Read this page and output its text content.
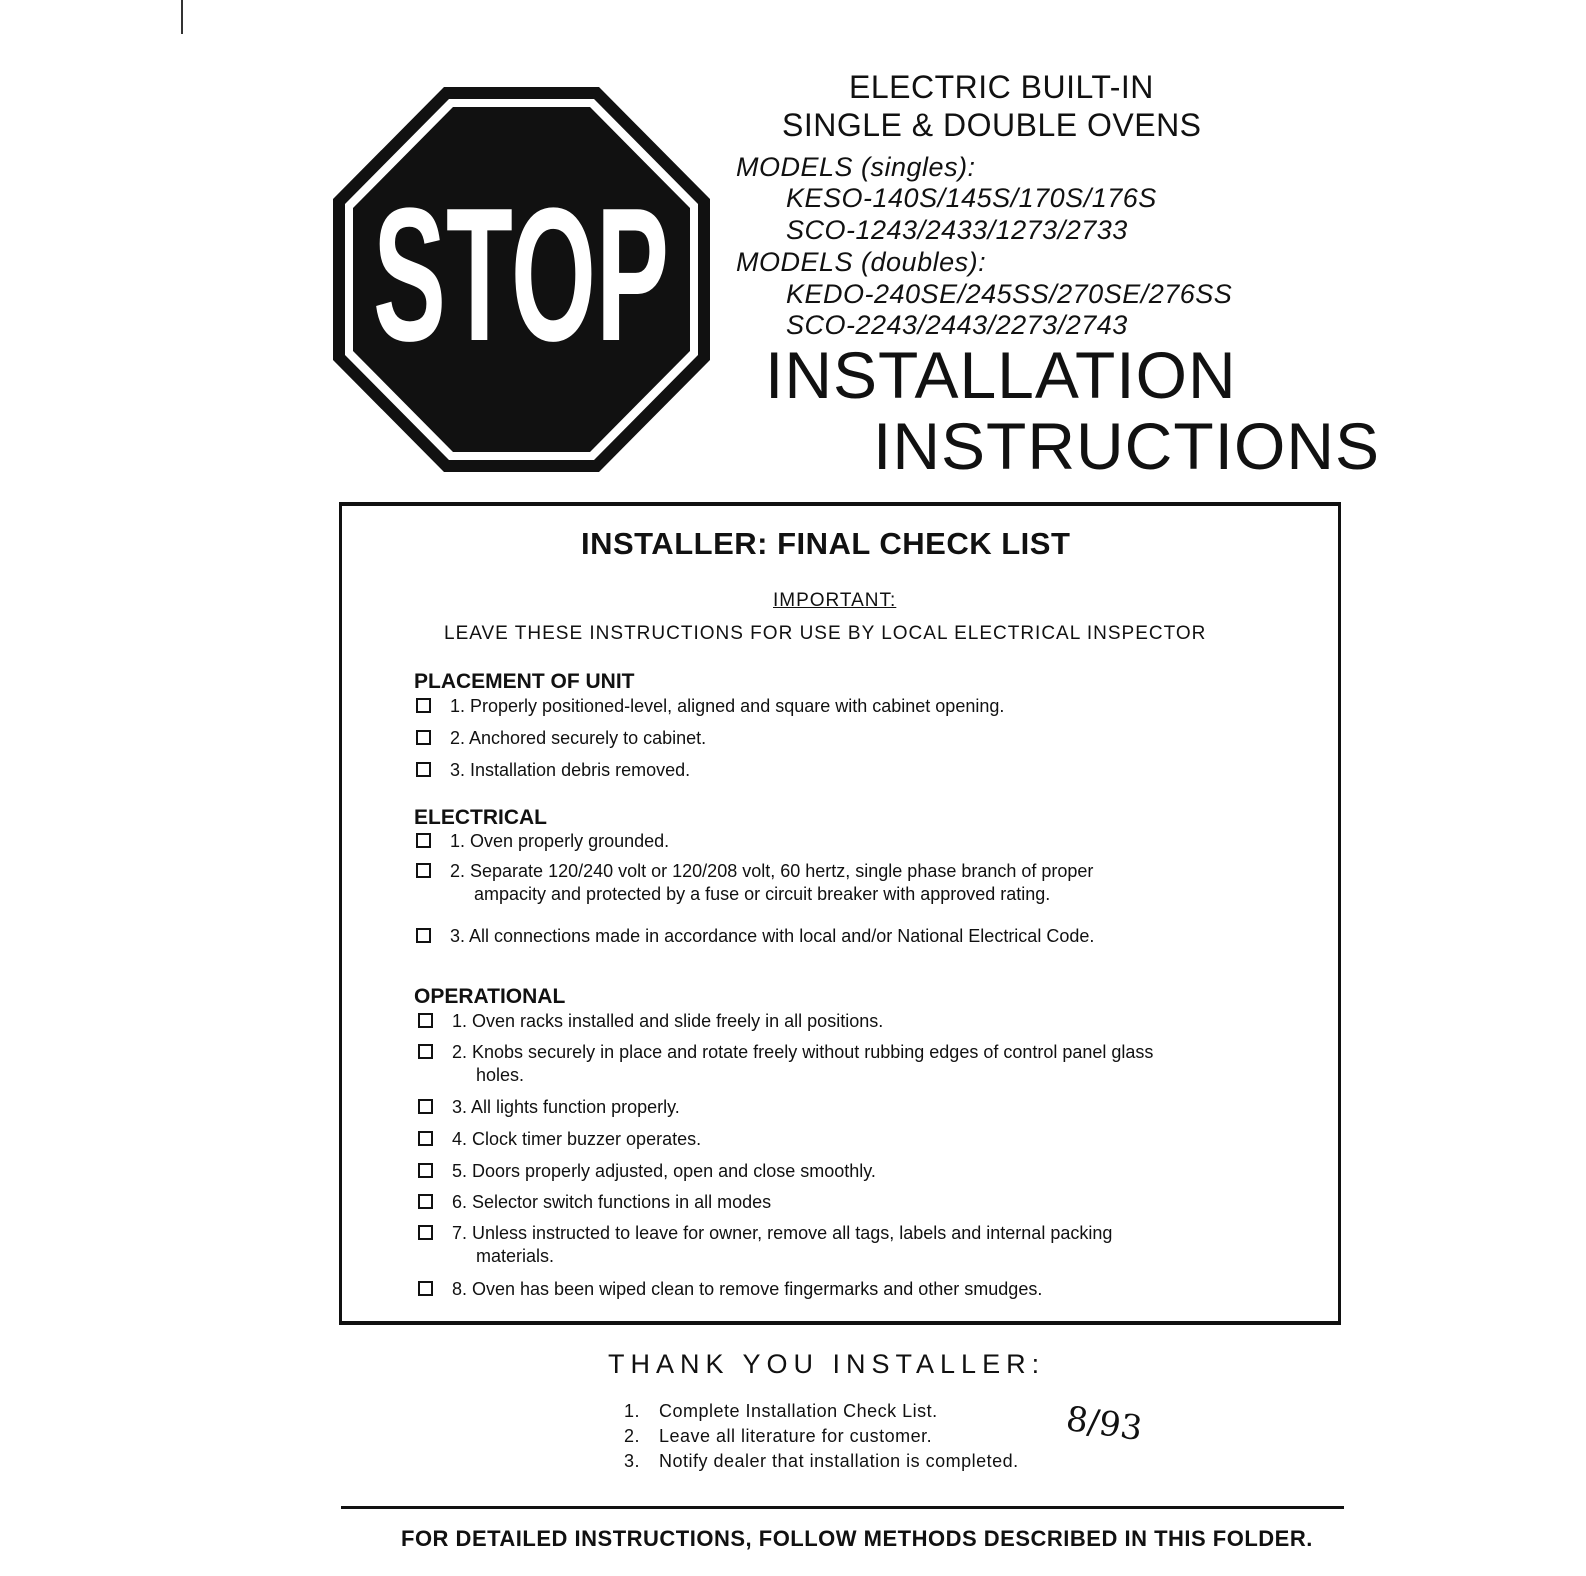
STOP
ELECTRIC BUILT-IN
SINGLE & DOUBLE OVENS
MODELS (singles):
KESO-140S/145S/170S/176S
SCO-1243/2433/1273/2733
MODELS (doubles):
KEDO-240SE/245SS/270SE/276SS
SCO-2243/2443/2273/2743
INSTALLATION
INSTRUCTIONS
INSTALLER: FINAL CHECK LIST
IMPORTANT:
LEAVE THESE INSTRUCTIONS FOR USE BY LOCAL ELECTRICAL INSPECTOR
PLACEMENT OF UNIT
1. Properly positioned-level, aligned and square with cabinet opening.
2. Anchored securely to cabinet.
3. Installation debris removed.
ELECTRICAL
1. Oven properly grounded.
2. Separate 120/240 volt or 120/208 volt, 60 hertz, single phase branch of proper
ampacity and protected by a fuse or circuit breaker with approved rating.
3. All connections made in accordance with local and/or National Electrical Code.
OPERATIONAL
1. Oven racks installed and slide freely in all positions.
2. Knobs securely in place and rotate freely without rubbing edges of control panel glass
holes.
3. All lights function properly.
4. Clock timer buzzer operates.
5. Doors properly adjusted, open and close smoothly.
6. Selector switch functions in all modes
7. Unless instructed to leave for owner, remove all tags, labels and internal packing
materials.
8. Oven has been wiped clean to remove fingermarks and other smudges.
THANK YOU INSTALLER:
1. Complete Installation Check List.
2. Leave all literature for customer.
3. Notify dealer that installation is completed.
8/93
FOR DETAILED INSTRUCTIONS, FOLLOW METHODS DESCRIBED IN THIS FOLDER.
